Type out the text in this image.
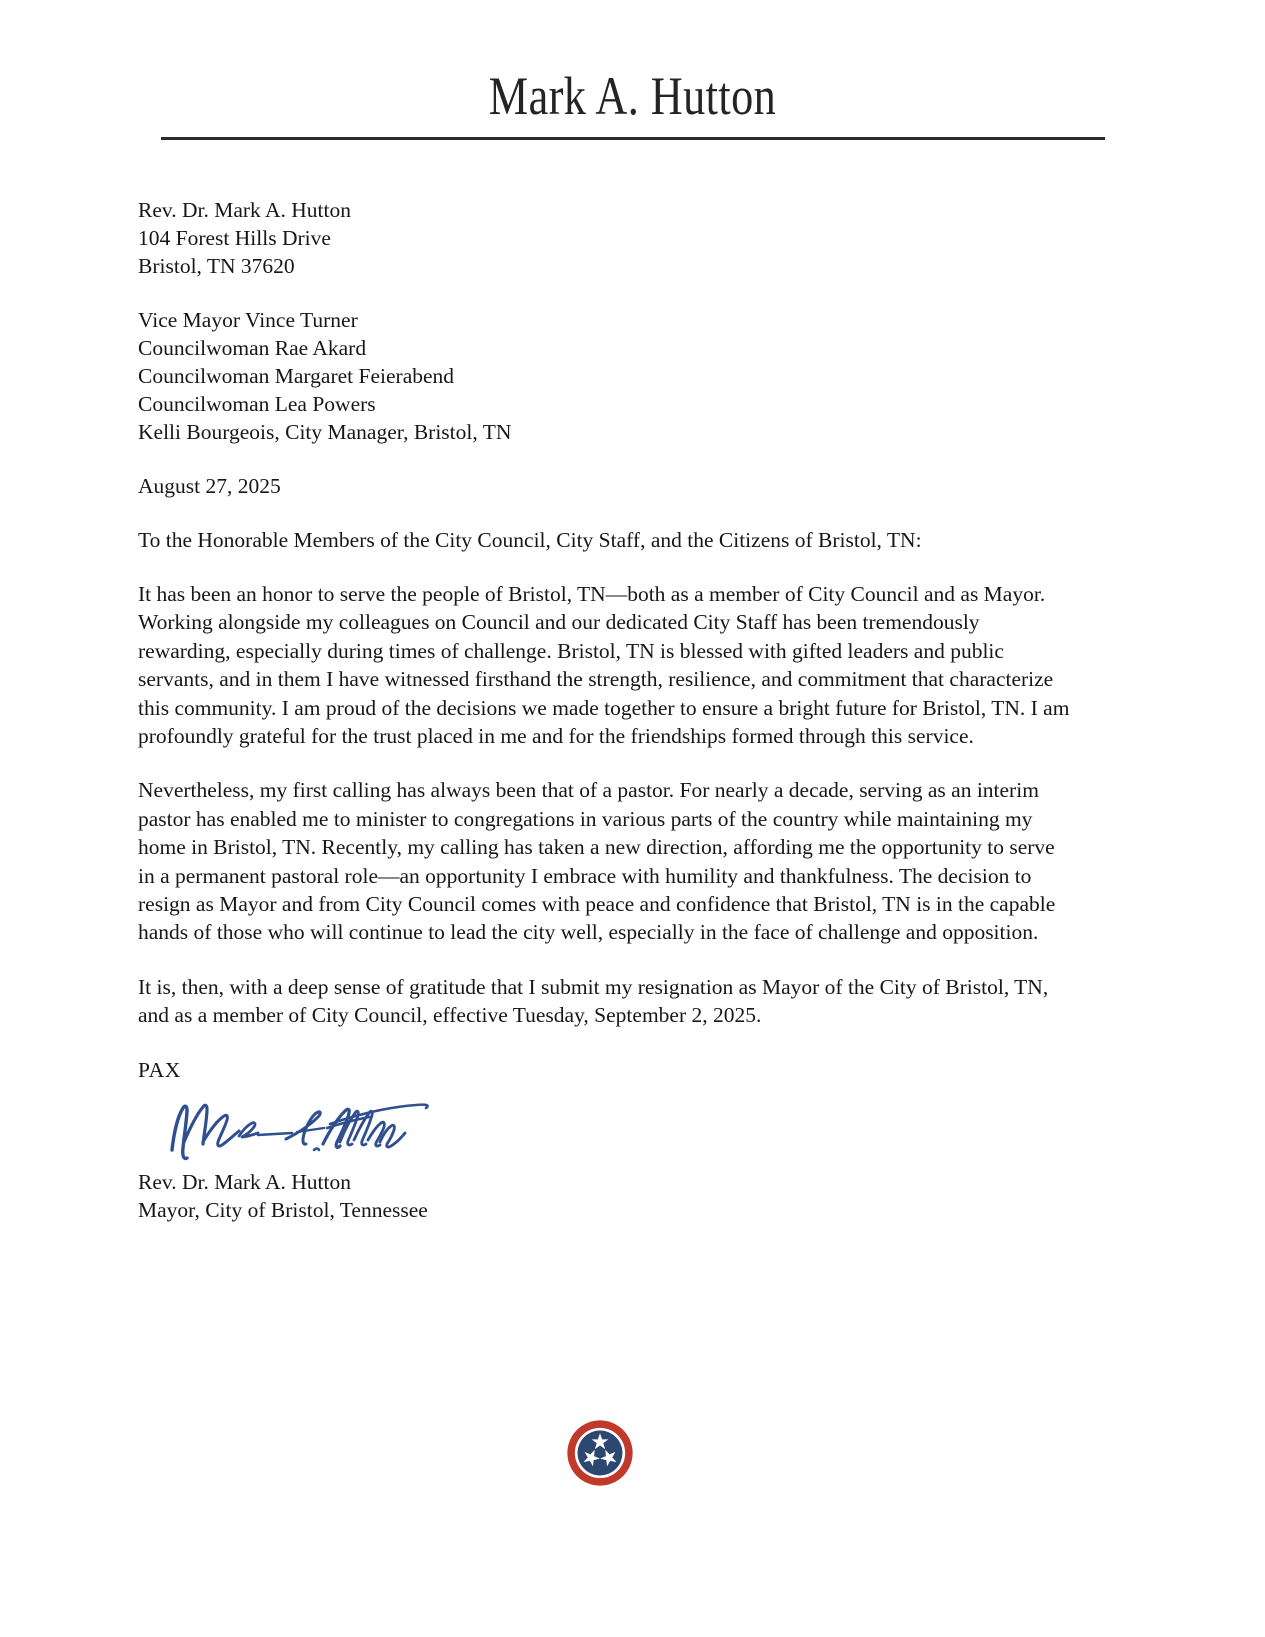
Mark A. Hutton
Rev. Dr. Mark A. Hutton
104 Forest Hills Drive
Bristol, TN 37620
Vice Mayor Vince Turner
Councilwoman Rae Akard
Councilwoman Margaret Feierabend
Councilwoman Lea Powers
Kelli Bourgeois, City Manager, Bristol, TN
August 27, 2025
To the Honorable Members of the City Council, City Staff, and the Citizens of Bristol, TN:

It has been an honor to serve the people of Bristol, TN—both as a member of City Council and as Mayor. Working alongside my colleagues on Council and our dedicated City Staff has been tremendously rewarding, especially during times of challenge. Bristol, TN is blessed with gifted leaders and public servants, and in them I have witnessed firsthand the strength, resilience, and commitment that characterize this community. I am proud of the decisions we made together to ensure a bright future for Bristol, TN. I am profoundly grateful for the trust placed in me and for the friendships formed through this service.

Nevertheless, my first calling has always been that of a pastor. For nearly a decade, serving as an interim pastor has enabled me to minister to congregations in various parts of the country while maintaining my home in Bristol, TN. Recently, my calling has taken a new direction, affording me the opportunity to serve in a permanent pastoral role—an opportunity I embrace with humility and thankfulness. The decision to resign as Mayor and from City Council comes with peace and confidence that Bristol, TN is in the capable hands of those who will continue to lead the city well, especially in the face of challenge and opposition.

It is, then, with a deep sense of gratitude that I submit my resignation as Mayor of the City of Bristol, TN, and as a member of City Council, effective Tuesday, September 2, 2025.

PAX
Rev. Dr. Mark A. Hutton
Mayor, City of Bristol, Tennessee
